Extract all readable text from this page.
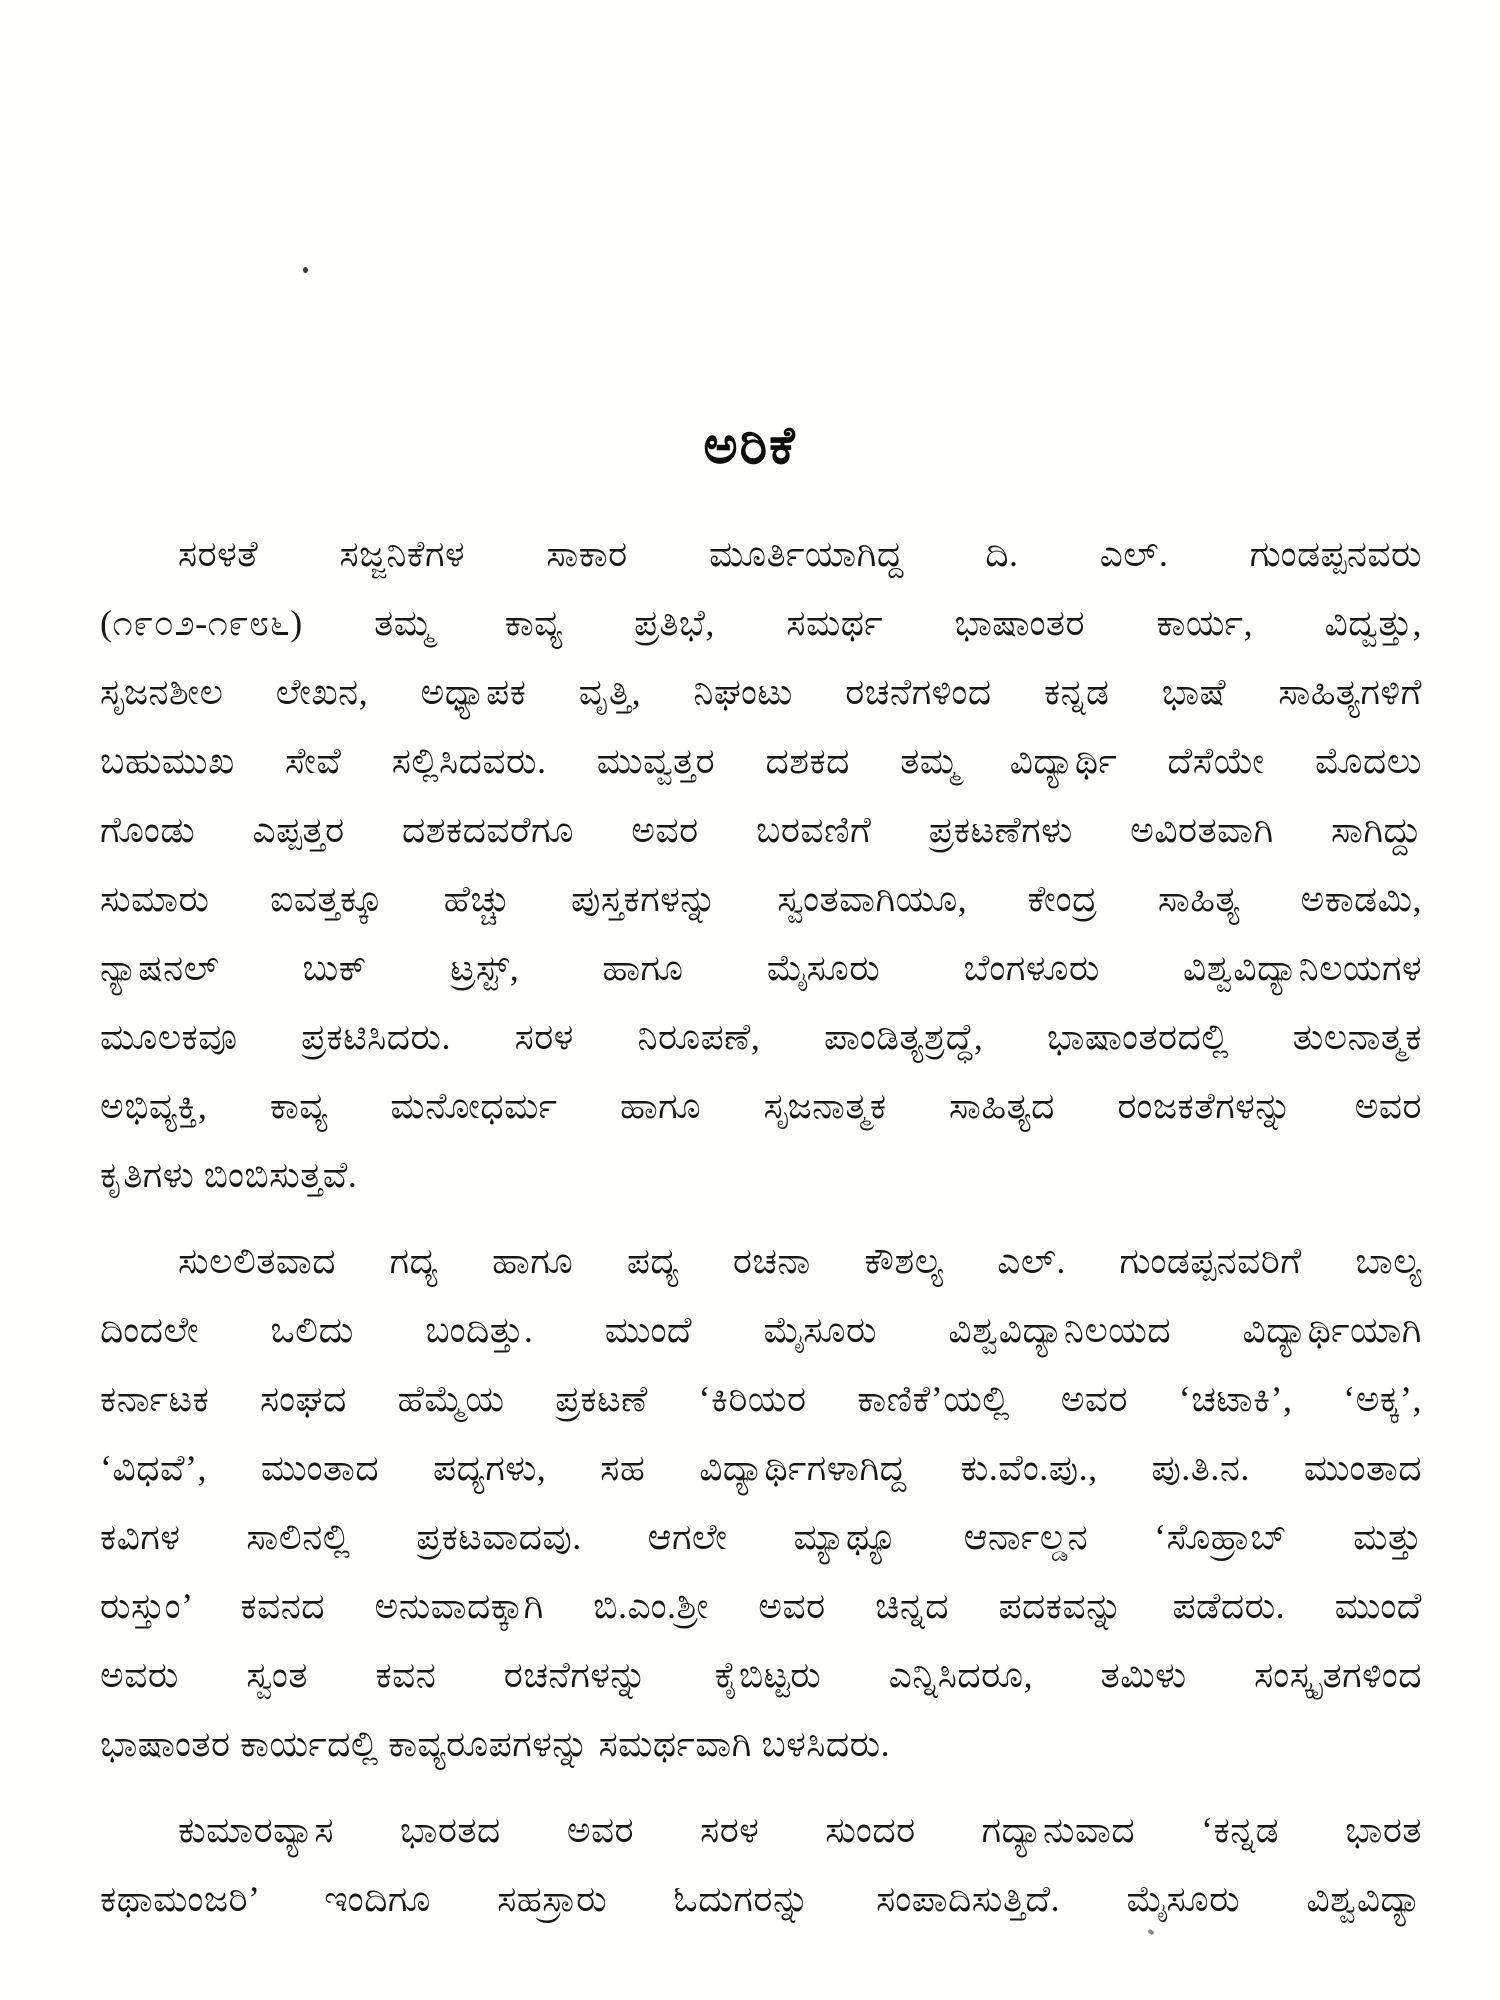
ಅರಿಕೆ
ಸರಳತೆ ಸಜ್ಜನಿಕೆಗಳ ಸಾಕಾರ ಮೂರ್ತಿಯಾಗಿದ್ದ ದಿ. ಎಲ್. ಗುಂಡಪ್ಪನವರು
(೧೯೦೨-೧೯೮೬) ತಮ್ಮ ಕಾವ್ಯ ಪ್ರತಿಭೆ, ಸಮರ್ಥ ಭಾಷಾಂತರ ಕಾರ್ಯ, ವಿದ್ವತ್ತು,
ಸೃಜನಶೀಲ ಲೇಖನ, ಅಧ್ಯಾಪಕ ವೃತ್ತಿ, ನಿಘಂಟು ರಚನೆಗಳಿಂದ ಕನ್ನಡ ಭಾಷೆ ಸಾಹಿತ್ಯಗಳಿಗೆ
ಬಹುಮುಖ ಸೇವೆ ಸಲ್ಲಿಸಿದವರು. ಮುವ್ವತ್ತರ ದಶಕದ ತಮ್ಮ ವಿದ್ಯಾರ್ಥಿ ದೆಸೆಯೇ ಮೊದಲು
ಗೊಂಡು ಎಪ್ಪತ್ತರ ದಶಕದವರೆಗೂ ಅವರ ಬರವಣಿಗೆ ಪ್ರಕಟಣೆಗಳು ಅವಿರತವಾಗಿ ಸಾಗಿದ್ದು
ಸುಮಾರು ಐವತ್ತಕ್ಕೂ ಹೆಚ್ಚು ಪುಸ್ತಕಗಳನ್ನು ಸ್ವಂತವಾಗಿಯೂ, ಕೇಂದ್ರ ಸಾಹಿತ್ಯ ಅಕಾಡಮಿ,
ನ್ಯಾಷನಲ್ ಬುಕ್ ಟ್ರಸ್ಟ್, ಹಾಗೂ ಮೈಸೂರು ಬೆಂಗಳೂರು ವಿಶ್ವವಿದ್ಯಾನಿಲಯಗಳ
ಮೂಲಕವೂ ಪ್ರಕಟಿಸಿದರು. ಸರಳ ನಿರೂಪಣೆ, ಪಾಂಡಿತ್ಯಶ್ರದ್ಧೆ, ಭಾಷಾಂತರದಲ್ಲಿ ತುಲನಾತ್ಮಕ
ಅಭಿವ್ಯಕ್ತಿ, ಕಾವ್ಯ ಮನೋಧರ್ಮ ಹಾಗೂ ಸೃಜನಾತ್ಮಕ ಸಾಹಿತ್ಯದ ರಂಜಕತೆಗಳನ್ನು ಅವರ
ಕೃತಿಗಳು ಬಿಂಬಿಸುತ್ತವೆ.
ಸುಲಲಿತವಾದ ಗದ್ಯ ಹಾಗೂ ಪದ್ಯ ರಚನಾ ಕೌಶಲ್ಯ ಎಲ್. ಗುಂಡಪ್ಪನವರಿಗೆ ಬಾಲ್ಯ
ದಿಂದಲೇ ಒಲಿದು ಬಂದಿತ್ತು. ಮುಂದೆ ಮೈಸೂರು ವಿಶ್ವವಿದ್ಯಾನಿಲಯದ ವಿದ್ಯಾರ್ಥಿಯಾಗಿ
ಕರ್ನಾಟಕ ಸಂಘದ ಹೆಮ್ಮೆಯ ಪ್ರಕಟಣೆ ‘ಕಿರಿಯರ ಕಾಣಿಕೆ’ಯಲ್ಲಿ ಅವರ ‘ಚಟಾಕಿ’, ‘ಅಕ್ಕ’,
‘ವಿಧವೆ’, ಮುಂತಾದ ಪದ್ಯಗಳು, ಸಹ ವಿದ್ಯಾರ್ಥಿಗಳಾಗಿದ್ದ ಕು.ವೆಂ.ಪು., ಪು.ತಿ.ನ. ಮುಂತಾದ
ಕವಿಗಳ ಸಾಲಿನಲ್ಲಿ ಪ್ರಕಟವಾದವು. ಆಗಲೇ ಮ್ಯಾಥ್ಯೂ ಆರ್ನಾಲ್ಡನ ‘ಸೊಹ್ರಾಬ್ ಮತ್ತು
ರುಸ್ತುಂ’ ಕವನದ ಅನುವಾದಕ್ಕಾಗಿ ಬಿ.ಎಂ.ಶ್ರೀ ಅವರ ಚಿನ್ನದ ಪದಕವನ್ನು ಪಡೆದರು. ಮುಂದೆ
ಅವರು ಸ್ವಂತ ಕವನ ರಚನೆಗಳನ್ನು ಕೈಬಿಟ್ಟರು ಎನ್ನಿಸಿದರೂ, ತಮಿಳು ಸಂಸ್ಕೃತಗಳಿಂದ
ಭಾಷಾಂತರ ಕಾರ್ಯದಲ್ಲಿ ಕಾವ್ಯರೂಪಗಳನ್ನು ಸಮರ್ಥವಾಗಿ ಬಳಸಿದರು.
ಕುಮಾರವ್ಯಾಸ ಭಾರತದ ಅವರ ಸರಳ ಸುಂದರ ಗದ್ಯಾನುವಾದ ‘ಕನ್ನಡ ಭಾರತ
ಕಥಾಮಂಜರಿ’ ಇಂದಿಗೂ ಸಹಸ್ರಾರು ಓದುಗರನ್ನು ಸಂಪಾದಿಸುತ್ತಿದೆ. ಮೈಸೂರು ವಿಶ್ವವಿದ್ಯಾ
